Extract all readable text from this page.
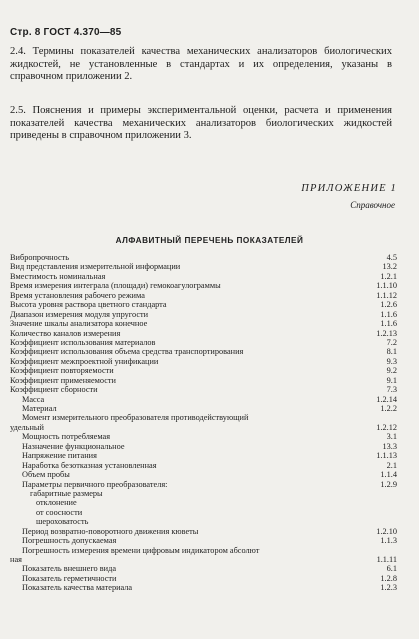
Стр. 8 ГОСТ 4.370—85
2.4. Термины показателей качества механических анализаторов биологических жидкостей, не установленные в стандартах и их определения, указаны в справочном приложении 2.
2.5. Пояснения и примеры экспериментальной оценки, расчета и применения показателей качества механических анализаторов биологических жидкостей приведены в справочном приложении 3.
ПРИЛОЖЕНИЕ 1
Справочное
АЛФАВИТНЫЙ ПЕРЕЧЕНЬ ПОКАЗАТЕЛЕЙ
Вибропрочность	4.5
Вид представления измерительной информации	13.2
Вместимость номинальная	1.2.1
Время измерения интеграла (площади) гемокоагулограммы	1.1.10
Время установления рабочего режима	1.1.12
Высота уровня раствора цветного стандарта	1.2.6
Диапазон измерения модуля упругости	1.1.6
Значение шкалы анализатора конечное	1.1.6
Количество каналов измерения	1.2.13
Коэффициент использования материалов	7.2
Коэффициент использования объема средства транспортирования	8.1
Коэффициент межпроектной унификации	9.3
Коэффициент повторяемости	9.2
Коэффициент применяемости	9.1
Коэффициент сборности	7.3
Масса	1.2.14
Материал	1.2.2
Момент измерительного преобразователя противодействующий
удельный	1.2.12
Мощность потребляемая	3.1
Назначение функциональное	13.3
Напряжение питания	1.1.13
Наработка безотказная установленная	2.1
Объем пробы	1.1.4
Параметры первичного преобразователя:	1.2.9
габаритные размеры
отклонение
от соосности
шероховатость
Период возвратно-поворотного движения кюветы	1.2.10
Погрешность допускаемая	1.1.3
Погрешность измерения времени цифровым индикатором абсолют
ная	1.1.11
Показатель внешнего вида	6.1
Показатель герметичности	1.2.8
Показатель качества материала	1.2.3
